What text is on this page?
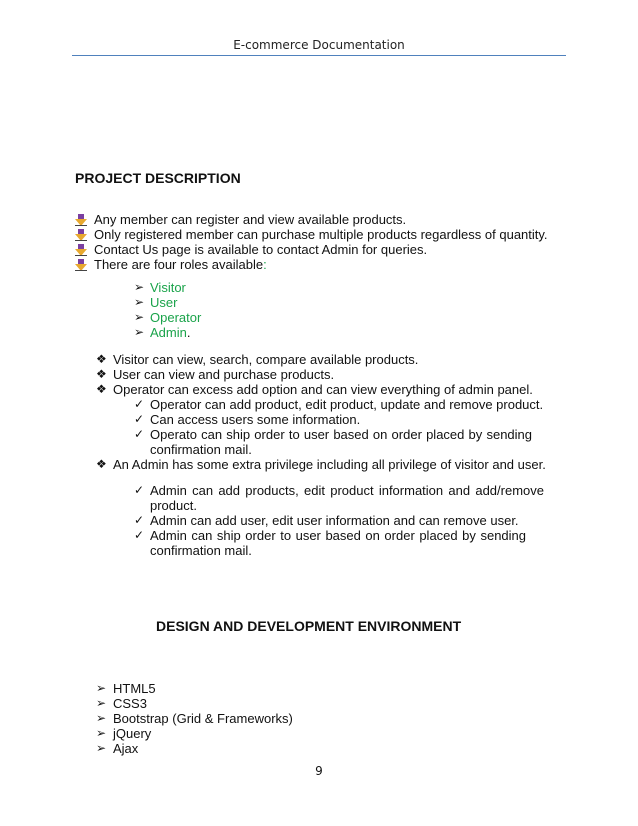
E-commerce Documentation
PROJECT DESCRIPTION
Any member can register and view available products.
Only registered member can purchase multiple products regardless of quantity.
Contact Us page is available to contact Admin for queries.
There are four roles available:
➢ Visitor
➢ User
➢ Operator
➢ Admin.
❖ Visitor can view, search, compare available products.
❖ User can view and purchase products.
❖ Operator can excess add option and can view everything of admin panel.
✓ Operator can add product, edit product, update and remove product.
✓ Can access users some information.
✓ Operato can ship order to user based on order placed by sending confirmation mail.
❖ An Admin has some extra privilege including all privilege of visitor and user.
✓ Admin can add products, edit product information and add/remove product.
✓ Admin can add user, edit user information and can remove user.
✓ Admin can ship order to user based on order placed by sending confirmation mail.
DESIGN AND DEVELOPMENT ENVIRONMENT
➢ HTML5
➢ CSS3
➢ Bootstrap (Grid & Frameworks)
➢ jQuery
➢ Ajax
9
